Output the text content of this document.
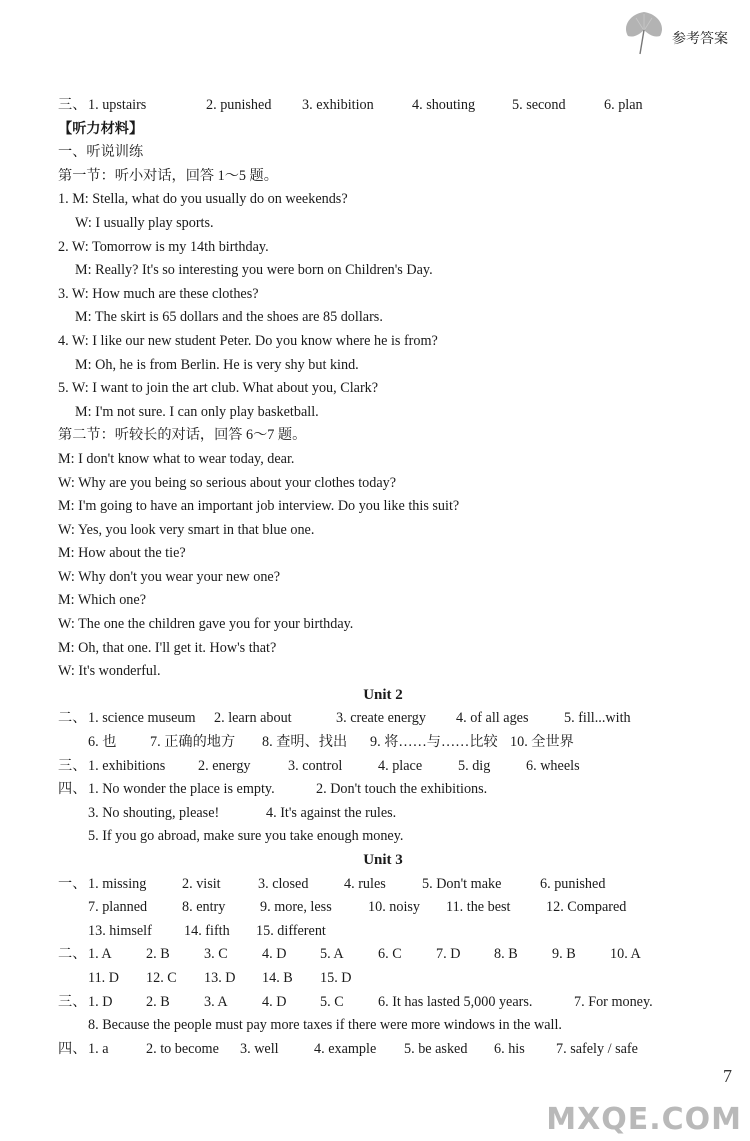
参考答案
三、 1. upstairs	2. punished 3. exhibition	4. shouting	5. second	6. plan
【听力材料】
一、听说训练
第一节：听小对话，回答 1～5 题。
1. M: Stella, what do you usually do on weekends?
W: I usually play sports.
2. W: Tomorrow is my 14th birthday.
M: Really? It's so interesting you were born on Children's Day.
3. W: How much are these clothes?
M: The skirt is 65 dollars and the shoes are 85 dollars.
4. W: I like our new student Peter. Do you know where he is from?
M: Oh, he is from Berlin. He is very shy but kind.
5. W: I want to join the art club. What about you, Clark?
M: I'm not sure. I can only play basketball.
第二节：听较长的对话，回答 6～7 题。
M: I don't know what to wear today, dear.
W: Why are you being so serious about your clothes today?
M: I'm going to have an important job interview. Do you like this suit?
W: Yes, you look very smart in that blue one.
M: How about the tie?
W: Why don't you wear your new one?
M: Which one?
W: The one the children gave you for your birthday.
M: Oh, that one. I'll get it. How's that?
W: It's wonderful.
Unit 2
二、 1. science museum 2. learn about	3. create energy 4. of all ages	5. fill...with
6. 也 7. 正确的地方 8. 查明、找出 9. 将……与……比较 10. 全世界
三、 1. exhibitions 2. energy	3. control	4. place	5. dig	6. wheels
四、 1. No wonder the place is empty.	2. Don't touch the exhibitions.
3. No shouting, please!	4. It's against the rules.
5. If you go abroad, make sure you take enough money.
Unit 3
一、 1. missing	2. visit	3. closed	4. rules	5. Don't make	6. punished
7. planned 8. entry 9. more, less	10. noisy 11. the best	12. Compared
13. himself 14. fifth 15. different
二、 1. A 2. B 3. C 4. D 5. A 6. C 7. D 8. B 9. B 10. A
11. D 12. C 13. D 14. B 15. D
三、 1. D 2. B 3. A 4. D 5. C 6. It has lasted 5,000 years.	7. For money.
8. Because the people must pay more taxes if there were more windows in the wall.
四、 1. a	2. to become 3. well 4. example 5. be asked 6. his 7. safely / safe
7
MXQE.COM
